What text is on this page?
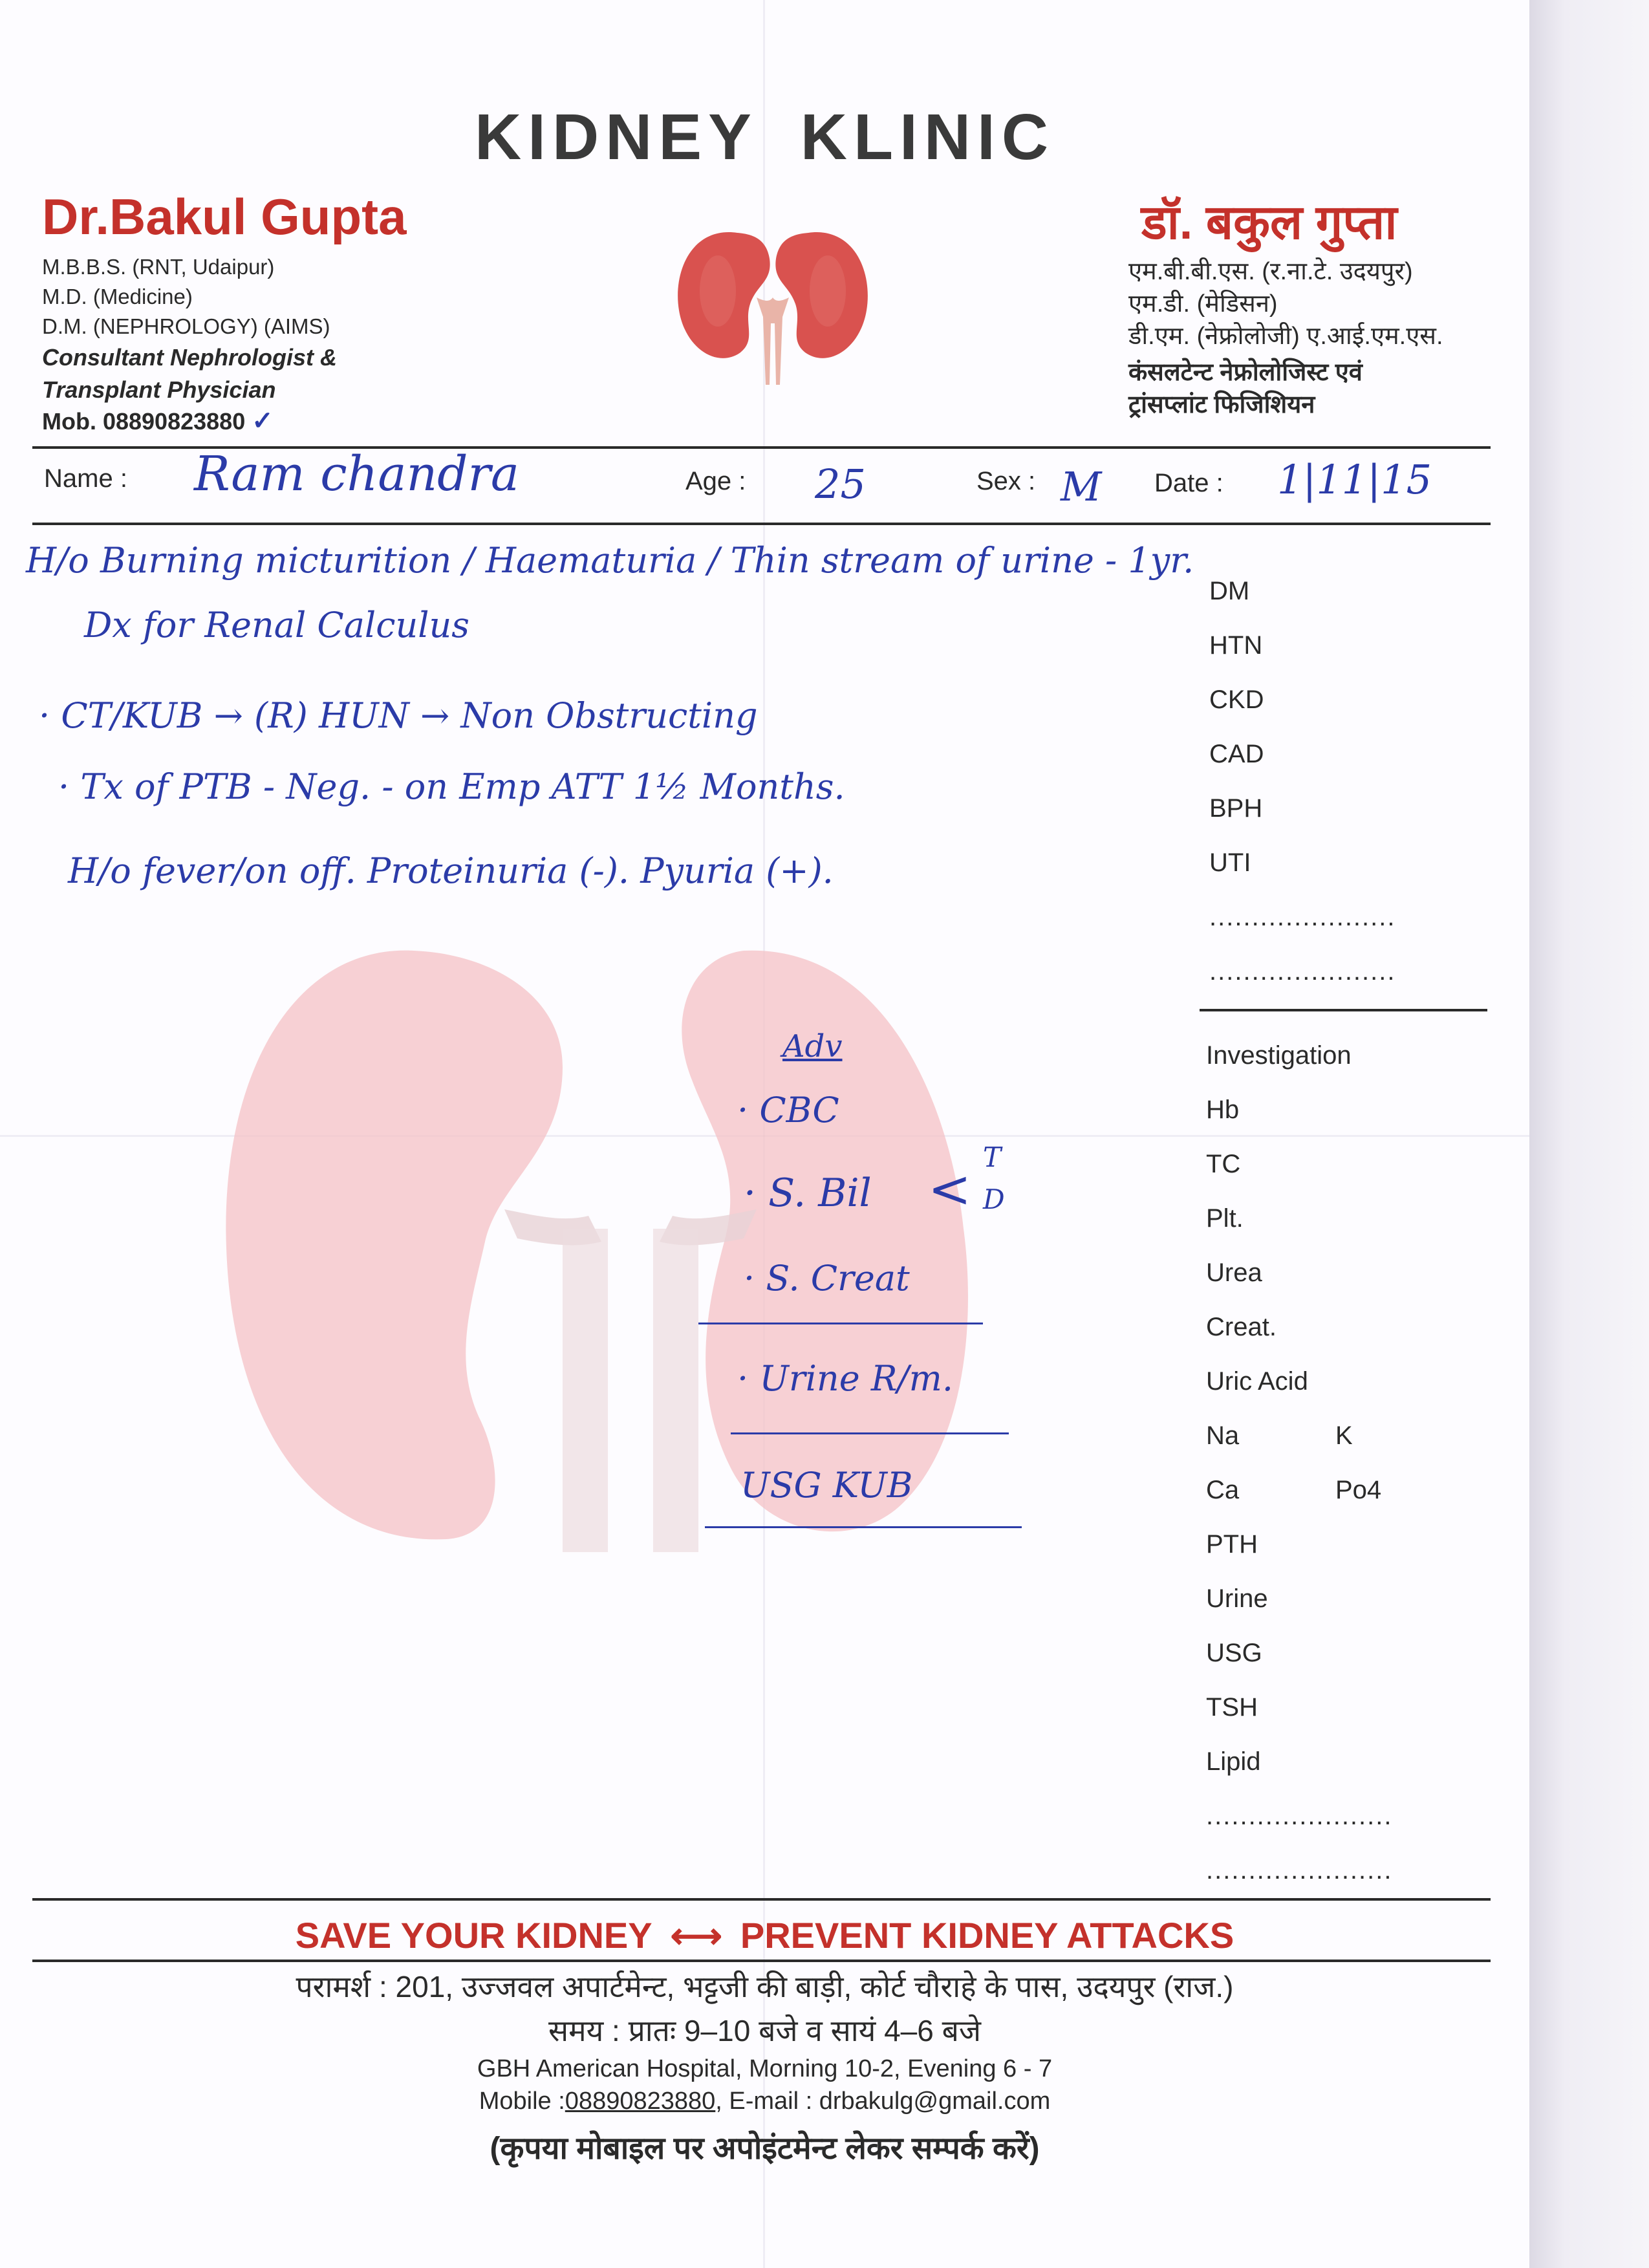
KIDNEY KLINIC
Dr.Bakul Gupta
M.B.B.S. (RNT, Udaipur)
M.D. (Medicine)
D.M. (NEPHROLOGY) (AIMS)
Consultant Nephrologist &
Transplant Physician
Mob. 08890823880 ✓
डॉ. बकुल गुप्ता
एम.बी.बी.एस. (र.ना.टे. उदयपुर)
एम.डी. (मेडिसन)
डी.एम. (नेफ्रोलोजी) ए.आई.एम.एस.
कंसलटेन्ट नेफ्रोलोजिस्ट एवं
ट्रांसप्लांट फिजिशियन
Name : Ram chandra	Age : 25	Sex : M Date : 1|11|15
H/o Burning micturition / Haematuria / Thin stream of urine - 1yr.
Dx for Renal Calculus
· CT/KUB → (R) HUN → Non Obstructing
· Tx of PTB - Neg. - on Emp ATT 1½ Months.
H/o fever/on off. Proteinuria (-). Pyuria (+).
Adv
· CBC
· S. Bil <
T
D
· S. Creat
· Urine R/m.
USG KUB
DM
HTN
CKD
CAD
BPH
UTI
......................
......................
Investigation
Hb
TC
Plt.
Urea
Creat.
Uric Acid
Na	K
Ca	Po4
PTH
Urine
USG
TSH
Lipid
......................
......................
SAVE YOUR KIDNEY ⟷ PREVENT KIDNEY ATTACKS
परामर्श : 201, उज्जवल अपार्टमेन्ट, भट्टजी की बाड़ी, कोर्ट चौराहे के पास, उदयपुर (राज.)
समय : प्रातः 9–10 बजे व सायं 4–6 बजे
GBH American Hospital, Morning 10-2, Evening 6 - 7
Mobile :08890823880, E-mail : drbakulg@gmail.com
(कृपया मोबाइल पर अपोइंटमेन्ट लेकर सम्पर्क करें)
